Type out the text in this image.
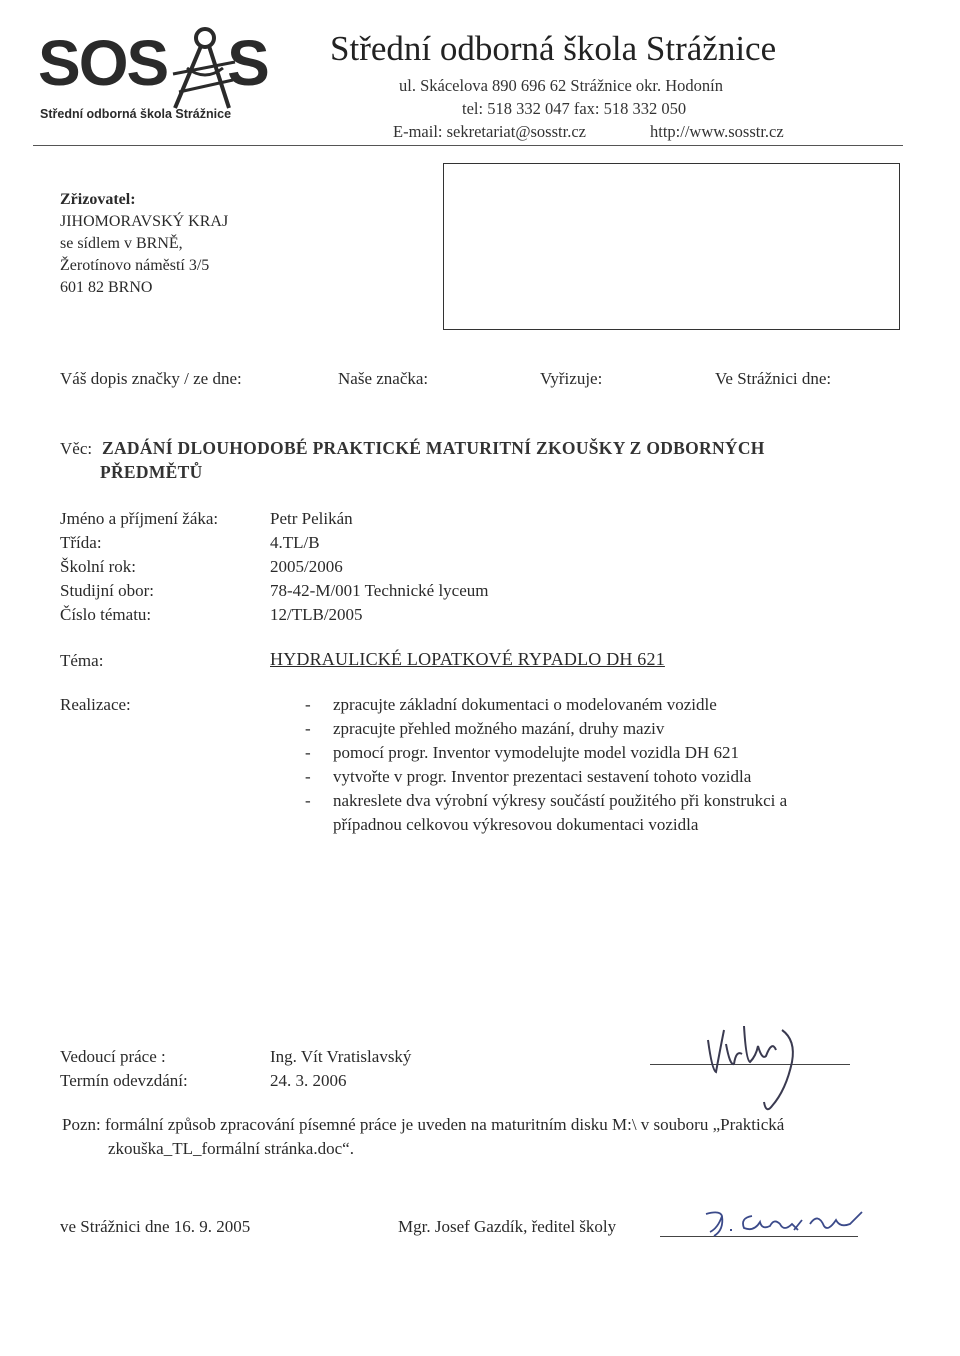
SOS S
Střední odborná škola Strážnice
Střední odborná škola Strážnice
ul. Skácelova 890 696 62 Strážnice okr. Hodonín
tel: 518 332 047 fax: 518 332 050
E-mail: sekretariat@sosstr.cz	http://www.sosstr.cz
Zřizovatel:
JIHOMORAVSKÝ KRAJ
se sídlem v BRNĚ,
Žerotínovo náměstí 3/5
601 82 BRNO
Váš dopis značky / ze dne:	Naše značka:	Vyřizuje:	Ve Strážnici dne:
Věc: ZADÁNÍ DLOUHODOBÉ PRAKTICKÉ MATURITNÍ ZKOUŠKY Z ODBORNÝCH
PŘEDMĚTŮ
Jméno a příjmení žáka:	Petr Pelikán
Třída:	4.TL/B
Školní rok:	2005/2006
Studijní obor:	78-42-M/001 Technické lyceum
Číslo tématu:	12/TLB/2005
Téma:	HYDRAULICKÉ LOPATKOVÉ RYPADLO DH 621
Realizace:	- zpracujte základní dokumentaci o modelovaném vozidle
- zpracujte přehled možného mazání, druhy maziv
- pomocí progr. Inventor vymodelujte model vozidla DH 621
- vytvořte v progr. Inventor prezentaci sestavení tohoto vozidla
- nakreslete dva výrobní výkresy součástí použitého při konstrukci a
případnou celkovou výkresovou dokumentaci vozidla
Vedoucí práce :	Ing. Vít Vratislavský
Termín odevzdání:	24. 3. 2006
Pozn: formální způsob zpracování písemné práce je uveden na maturitním disku M:\ v souboru „Praktická
zkouška_TL_formální stránka.doc“.
ve Strážnici dne 16. 9. 2005	Mgr. Josef Gazdík, ředitel školy
